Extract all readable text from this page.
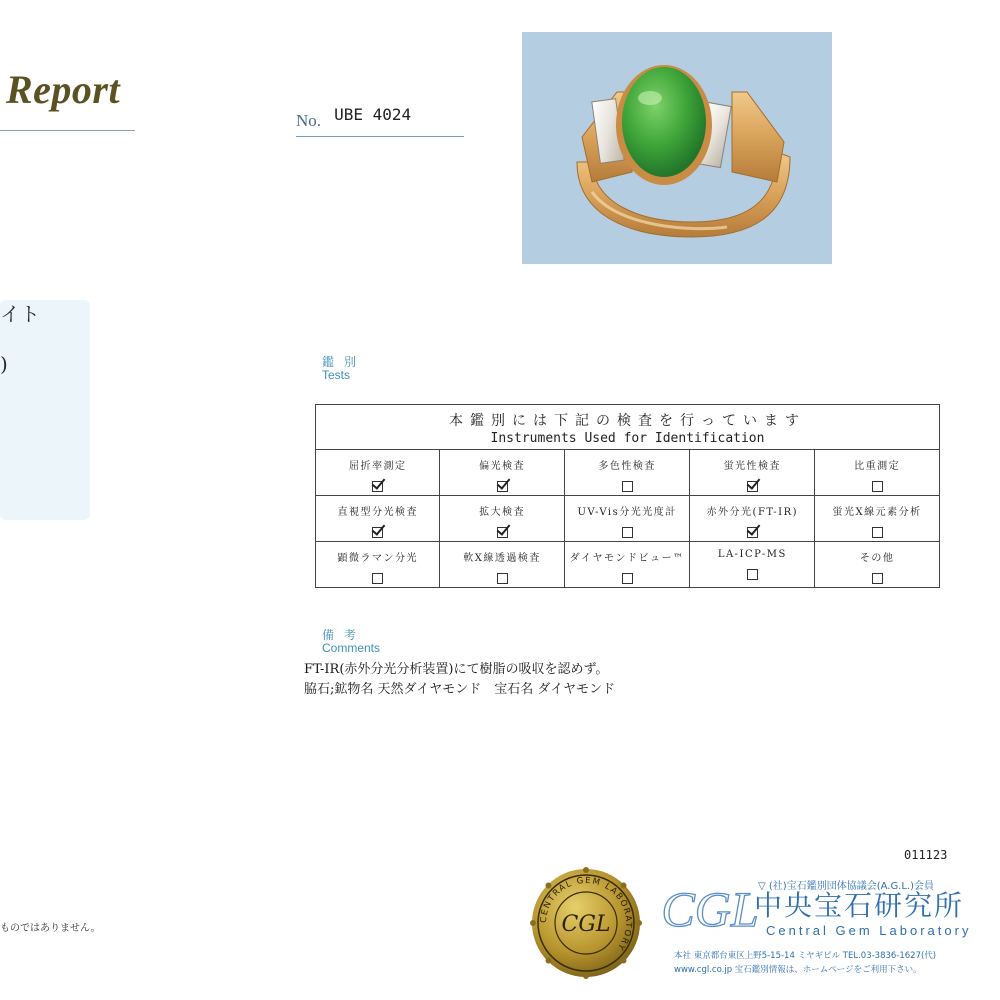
Report
イト
)
ものではありません。
No. UBE 4024
鑑別
Tests
本鑑別には下記の検査を行っています
Instruments Used for Identification				

屈折率測定	偏光検査	多色性検査	蛍光性検査	比重測定

直視型分光検査	拡大検査	UV-Vis分光光度計	赤外分光(FT-IR)	蛍光X線元素分析

顕微ラマン分光	軟X線透過検査	ダイヤモンドビュー™	LA-ICP-MS	その他
備考
Comments
FT-IR(赤外分光分析装置)にて樹脂の吸収を認めず。
脇石;鉱物名 天然ダイヤモンド　宝石名 ダイヤモンド
011123
CENTRAL GEM LABORATORY
CGL CGL ▽ (社)宝石鑑別団体協議会(A.G.L.)会員
中央宝石研究所
Central Gem Laboratory
本社 東京都台東区上野5-15-14 ミヤギビル TEL.03-3836-1627(代)
www.cgl.co.jp 宝石鑑別情報は、ホームページをご利用下さい。
